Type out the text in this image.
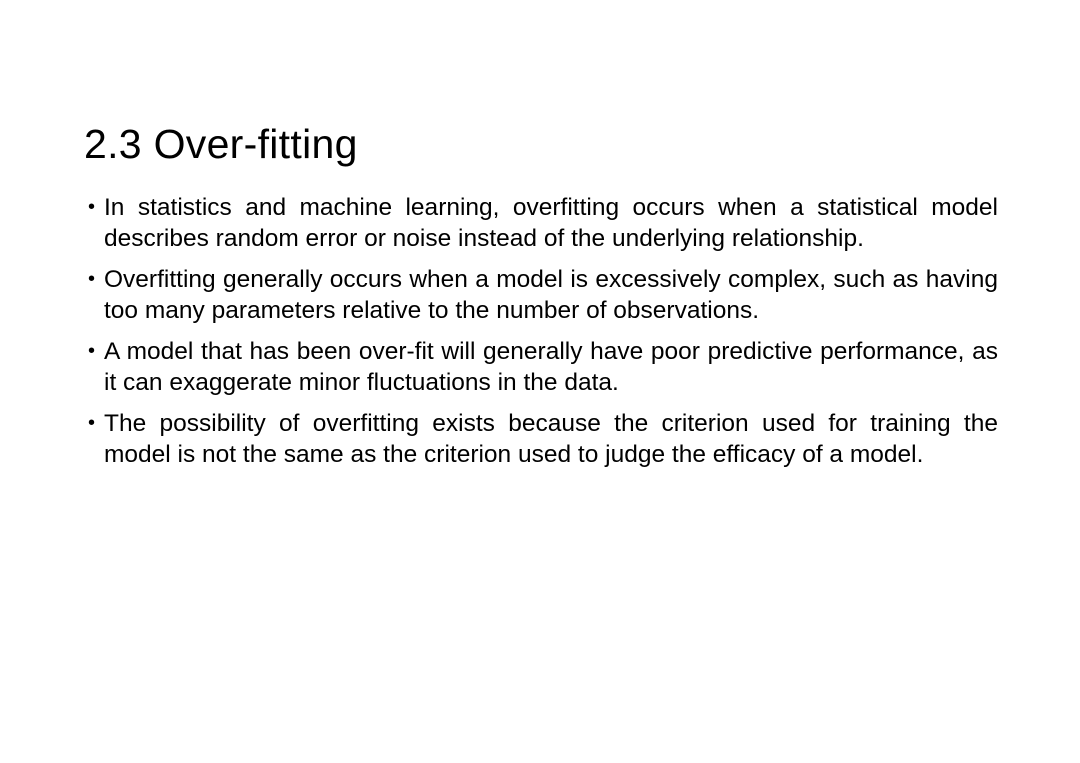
2.3 Over-fitting
• In statistics and machine learning, overfitting occurs when a statistical model describes random error or noise instead of the underlying relationship.
• Overfitting generally occurs when a model is excessively complex, such as having too many parameters relative to the number of observations.
• A model that has been over-fit will generally have poor predictive performance, as it can exaggerate minor fluctuations in the data.
• The possibility of overfitting exists because the criterion used for training the model is not the same as the criterion used to judge the efficacy of a model.
